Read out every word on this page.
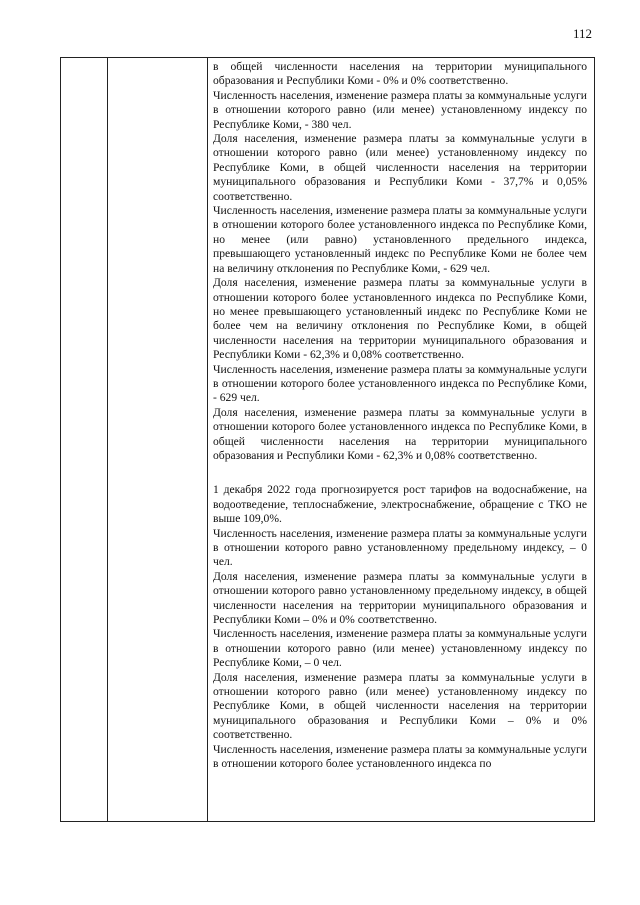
112

в общей численности населения на территории муниципального образования и Республики Коми - 0% и 0% соответственно.

Численность населения, изменение размера платы за коммунальные услуги в отношении которого равно (или менее) установленному индексу по Республике Коми, - 380 чел.

Доля населения, изменение размера платы за коммунальные услуги в отношении которого равно (или менее) установленному индексу по Республике Коми, в общей численности населения на территории муниципального образования и Республики Коми - 37,7% и 0,05% соответственно.

Численность населения, изменение размера платы за коммунальные услуги в отношении которого более установленного индекса по Республике Коми, но менее (или равно) установленного предельного индекса, превышающего установленный индекс по Республике Коми не более чем на величину отклонения по Республике Коми, - 629 чел.

Доля населения, изменение размера платы за коммунальные услуги в отношении которого более установленного индекса по Республике Коми, но менее превышающего установленный индекс по Республике Коми не более чем на величину отклонения по Республике Коми, в общей численности населения на территории муниципального образования и Республики Коми - 62,3% и 0,08% соответственно.

Численность населения, изменение размера платы за коммунальные услуги в отношении которого более установленного индекса по Республике Коми, - 629 чел.

Доля населения, изменение размера платы за коммунальные услуги в отношении которого более установленного индекса по Республике Коми, в общей численности населения на территории муниципального образования и Республики Коми - 62,3% и 0,08% соответственно.

1 декабря 2022 года прогнозируется рост тарифов на водоснабжение, на водоотведение, теплоснабжение, электроснабжение, обращение с ТКО не выше 109,0%.

Численность населения, изменение размера платы за коммунальные услуги в отношении которого равно установленному предельному индексу, – 0 чел.

Доля населения, изменение размера платы за коммунальные услуги в отношении которого равно установленному предельному индексу, в общей численности населения на территории муниципального образования и Республики Коми – 0% и 0% соответственно.

Численность населения, изменение размера платы за коммунальные услуги в отношении которого равно (или менее) установленному индексу по Республике Коми, – 0 чел.

Доля населения, изменение размера платы за коммунальные услуги в отношении которого равно (или менее) установленному индексу по Республике Коми, в общей численности населения на территории муниципального образования и Республики Коми – 0% и 0% соответственно.

Численность населения, изменение размера платы за коммунальные услуги в отношении которого более установленного индекса по
